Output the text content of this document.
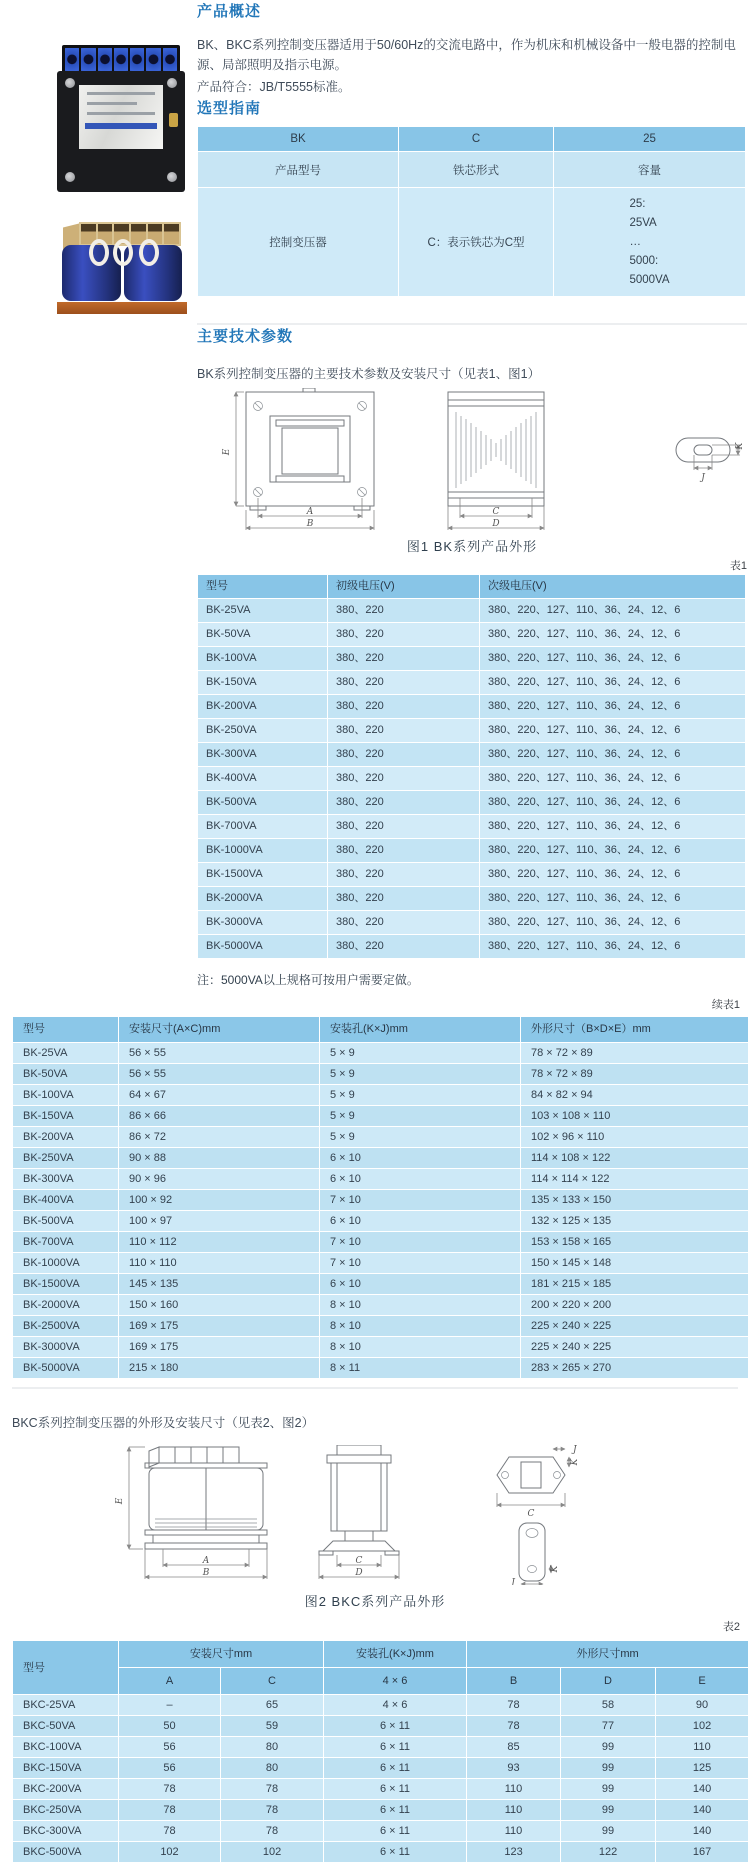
产品概述

BK、BKC系列控制变压器适用于50/60Hz的交流电路中，作为机床和机械设备中一般电器的控制电源、局部照明及指示电源。

产品符合：JB/T5555标准。

选型指南
BK	C	25
产品型号	铁芯形式	容量
控制变压器	C：表示铁芯为C型	25:
25VA
…
5000:
5000VA

主要技术参数

BK系列控制变压器的主要技术参数及安装尺寸（见表1、图1）

E
A
B
C
D
K
J
图1 BK系列产品外形
表1
型号	初级电压(V)	次级电压(V)
BK-25VA	380、220	380、220、127、110、36、24、12、6
BK-50VA	380、220	380、220、127、110、36、24、12、6
BK-100VA	380、220	380、220、127、110、36、24、12、6
BK-150VA	380、220	380、220、127、110、36、24、12、6
BK-200VA	380、220	380、220、127、110、36、24、12、6
BK-250VA	380、220	380、220、127、110、36、24、12、6
BK-300VA	380、220	380、220、127、110、36、24、12、6
BK-400VA	380、220	380、220、127、110、36、24、12、6
BK-500VA	380、220	380、220、127、110、36、24、12、6
BK-700VA	380、220	380、220、127、110、36、24、12、6
BK-1000VA	380、220	380、220、127、110、36、24、12、6
BK-1500VA	380、220	380、220、127、110、36、24、12、6
BK-2000VA	380、220	380、220、127、110、36、24、12、6
BK-3000VA	380、220	380、220、127、110、36、24、12、6
BK-5000VA	380、220	380、220、127、110、36、24、12、6

注：5000VA以上规格可按用户需要定做。

续表1
型号	安装尺寸(A×C)mm	安装孔(K×J)mm	外形尺寸（B×D×E）mm
BK-25VA	56 × 55	5 × 9	78 × 72 × 89
BK-50VA	56 × 55	5 × 9	78 × 72 × 89
BK-100VA	64 × 67	5 × 9	84 × 82 × 94
BK-150VA	86 × 66	5 × 9	103 × 108 × 110
BK-200VA	86 × 72	5 × 9	102 × 96 × 110
BK-250VA	90 × 88	6 × 10	114 × 108 × 122
BK-300VA	90 × 96	6 × 10	114 × 114 × 122
BK-400VA	100 × 92	7 × 10	135 × 133 × 150
BK-500VA	100 × 97	6 × 10	132 × 125 × 135
BK-700VA	110 × 112	7 × 10	153 × 158 × 165
BK-1000VA	110 × 110	7 × 10	150 × 145 × 148
BK-1500VA	145 × 135	6 × 10	181 × 215 × 185
BK-2000VA	150 × 160	8 × 10	200 × 220 × 200
BK-2500VA	169 × 175	8 × 10	225 × 240 × 225
BK-3000VA	169 × 175	8 × 10	225 × 240 × 225
BK-5000VA	215 × 180	8 × 11	283 × 265 × 270

BKC系列控制变压器的外形及安装尺寸（见表2、图2）

E
A
B
C
D
J
K
C
K
J
图2 BKC系列产品外形
表2
型号	安装尺寸mm		安装孔(K×J)mm	外形尺寸mm		
	A	C	4 × 6	B	D	E
BKC-25VA	–	65	4 × 6	78	58	90
BKC-50VA	50	59	6 × 11	78	77	102
BKC-100VA	56	80	6 × 11	85	99	110
BKC-150VA	56	80	6 × 11	93	99	125
BKC-200VA	78	78	6 × 11	110	99	140
BKC-250VA	78	78	6 × 11	110	99	140
BKC-300VA	78	78	6 × 11	110	99	140
BKC-500VA	102	102	6 × 11	123	122	167
